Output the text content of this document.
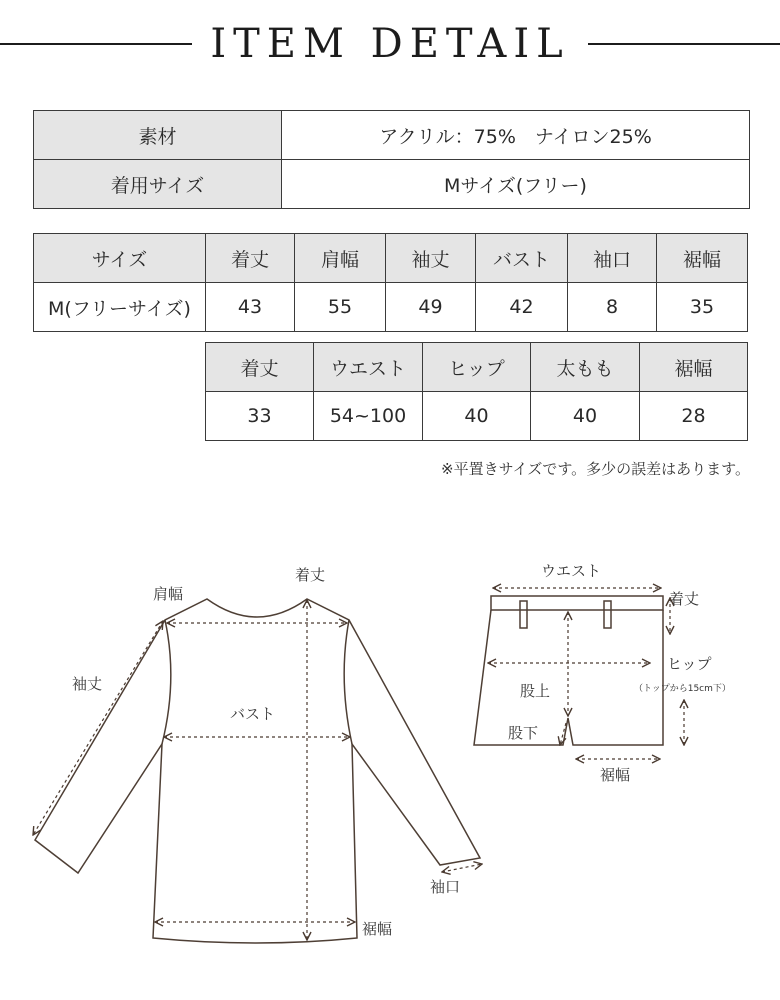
ITEM DETAIL
素材	アクリル：75%　ナイロン25%
着用サイズ	Mサイズ(フリー)
サイズ	着丈	肩幅	袖丈	バスト	袖口	裾幅
M(フリーサイズ)	43	55	49	42	8	35
着丈	ウエスト	ヒップ	太もも	裾幅
33	54~100	40	40	28
※平置きサイズです。多少の誤差はあります。
肩幅
着丈
袖丈
バスト
袖口
裾幅
ウエスト
着丈
ヒップ
（トップから15cm下）
股上
股下
裾幅
